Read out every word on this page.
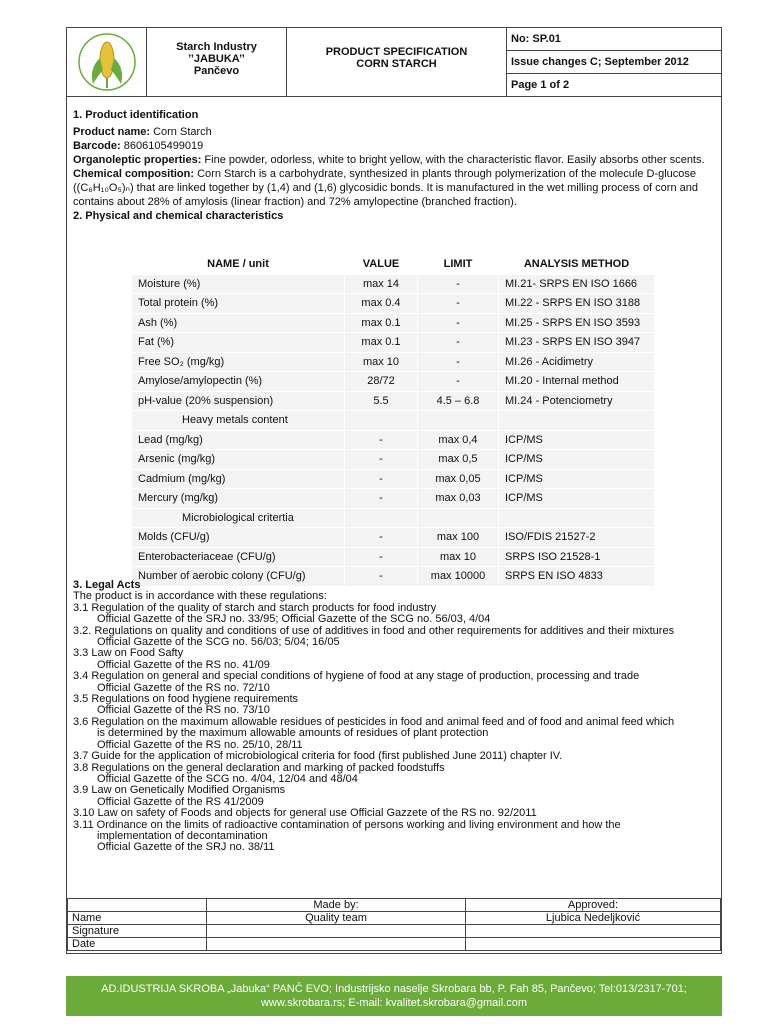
Starch Industry
’’JABUKA’’
Pančevo
PRODUCT SPECIFICATION
CORN STARCH
No: SP.01
Issue changes C; September 2012
Page 1 of 2

1. Product identification

Product name: Corn Starch

Barcode: 8606105499019

Organoleptic properties: Fine powder, odorless, white to bright yellow, with the characteristic flavor. Easily absorbs other scents.

Chemical composition: Corn Starch is a carbohydrate, synthesized in plants through polymerization of the molecule D-glucose ((C₆H₁₀O₅)ₙ) that are linked together by (1,4) and (1,6) glycosidic bonds. It is manufactured in the wet milling process of corn and contains about 28% of amylosis (linear fraction) and 72% amylopectine (branched fraction).

2. Physical and chemical characteristics

NAME / unit	VALUE	LIMIT	ANALYSIS METHOD
Moisture (%)	max 14	-	MI.21- SRPS EN ISO 1666
Total protein (%)	max 0.4	-	MI.22 - SRPS EN ISO 3188
Ash (%)	max 0.1	-	MI.25 - SRPS EN ISO 3593
Fat (%)	max 0.1	-	MI.23 - SRPS EN ISO 3947
Free SO₂ (mg/kg)	max 10	-	MI.26 - Acidimetry
Amylose/amylopectin (%)	28/72	-	MI.20 - Internal method
pH-value (20% suspension)	5.5	4.5 – 6.8	MI.24 - Potenciometry
Heavy metals content			
Lead (mg/kg)	-	max 0,4	ICP/MS
Arsenic (mg/kg)	-	max 0,5	ICP/MS
Cadmium (mg/kg)	-	max 0,05	ICP/MS
Mercury (mg/kg)	-	max 0,03	ICP/MS
Microbiological critertia			
Molds (CFU/g)	-	max 100	ISO/FDIS 21527-2
Enterobacteriaceae (CFU/g)	-	max 10	SRPS ISO 21528-1
Number of aerobic colony (CFU/g)	-	max 10000	SRPS EN ISO 4833

3. Legal Acts

The product is in accordance with these regulations:

3.1 Regulation of the quality of starch and starch products for food industry

Official Gazette of the SRJ no. 33/95; Official Gazette of the SCG no. 56/03, 4/04

3.2. Regulations on quality and conditions of use of additives in food and other requirements for additives and their mixtures

Official Gazette of the SCG no. 56/03; 5/04; 16/05

3.3 Law on Food Safty

Official Gazette of the RS no. 41/09

3.4 Regulation on general and special conditions of hygiene of food at any stage of production, processing and trade

Official Gazette of the RS no. 72/10

3.5 Regulations on food hygiene requirements

Official Gazette of the RS no. 73/10

3.6 Regulation on the maximum allowable residues of pesticides in food and animal feed and of food and animal feed which

is determined by the maximum allowable amounts of residues of plant protection

Official Gazette of the RS no. 25/10, 28/11

3.7 Guide for the application of microbiological criteria for food (first published June 2011) chapter IV.

3.8 Regulations on the general declaration and marking of packed foodstuffs

Official Gazette of the SCG no. 4/04, 12/04 and 48/04

3.9 Law on Genetically Modified Organisms

Official Gazette of the RS 41/2009

3.10 Law on safety of Foods and objects for general use Official Gazzete of the RS no. 92/2011

3.11 Ordinance on the limits of radioactive contamination of persons working and living environment and how the

implementation of decontamination

Official Gazette of the SRJ no. 38/11

	Made by:	Approved:
Name	Quality team	Ljubica Nedeljković
Signature		
Date		
AD.IDUSTRIJA SKROBA „Jabuka“ PANČ EVO; Industrijsko naselje Skrobara bb, P. Fah 85, Pančevo; Tel:013/2317-701;
www.skrobara.rs; E-mail: kvalitet.skrobara@gmail.com
